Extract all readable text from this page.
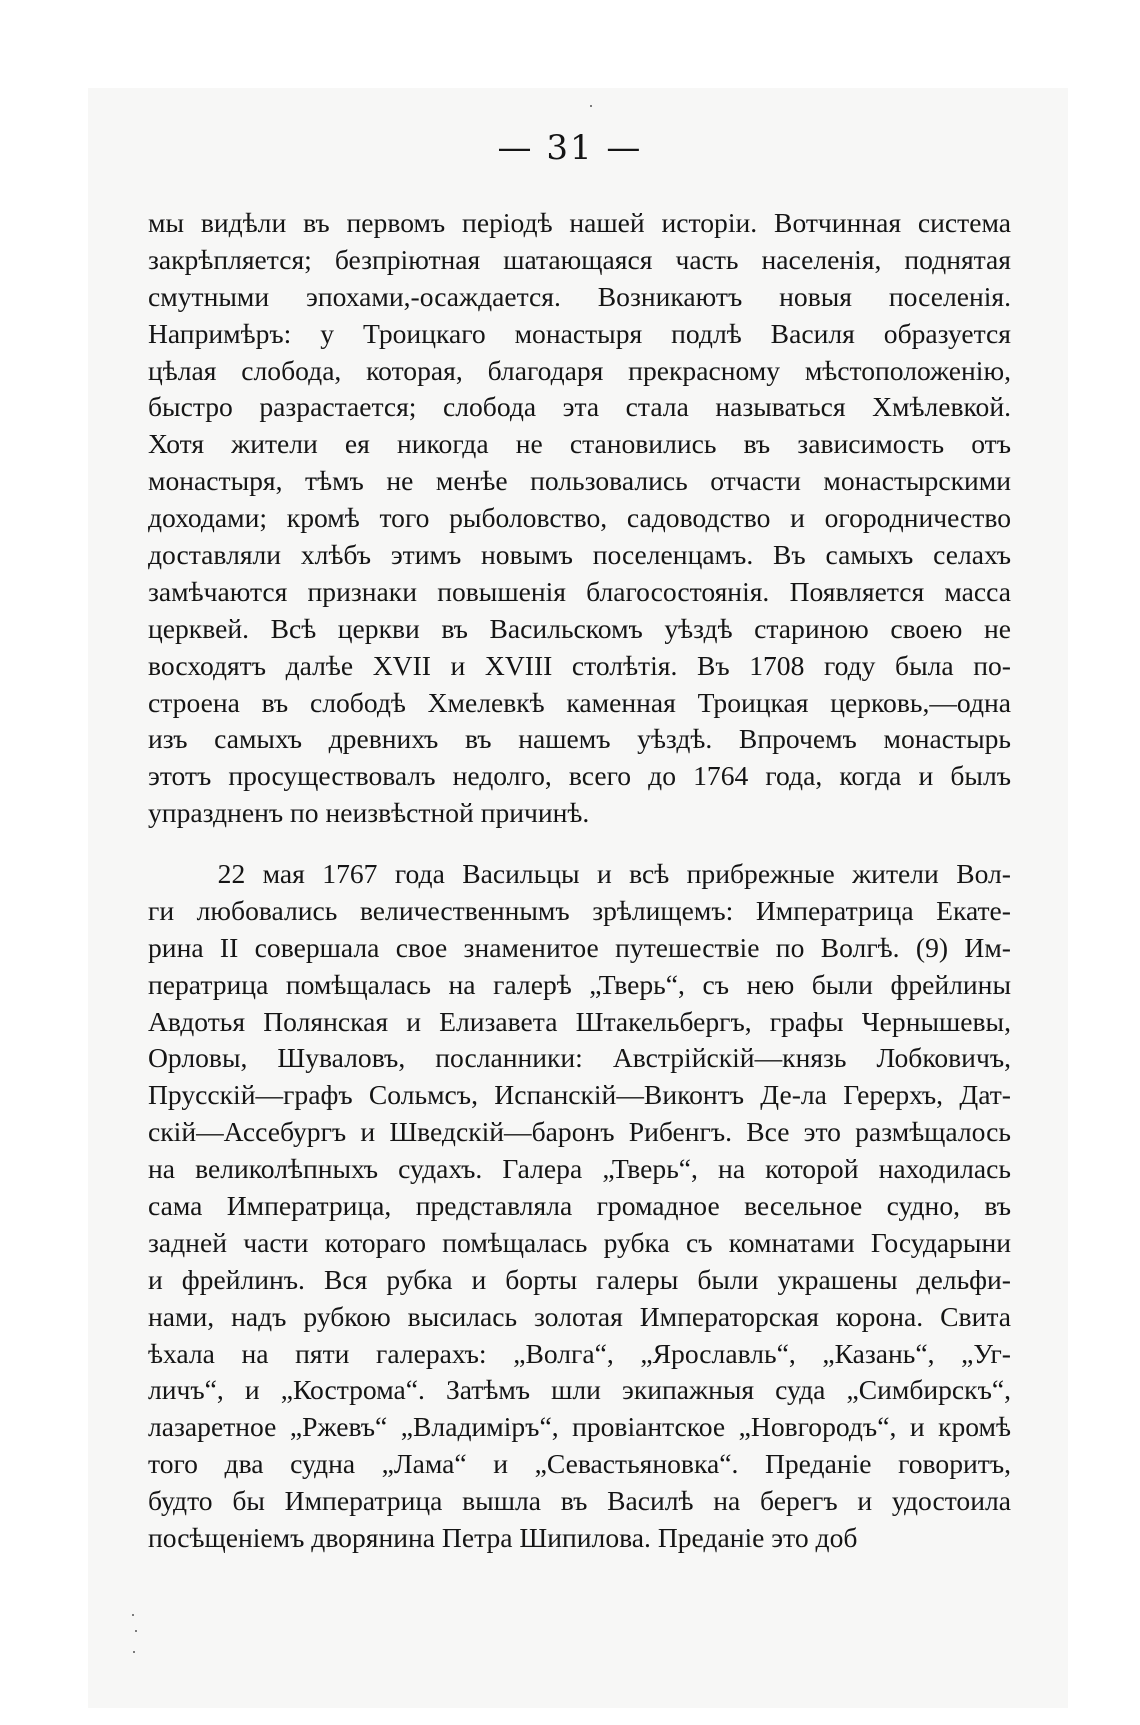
— 31 —

мы видѣли въ первомъ періодѣ нашей исторіи. Вотчинная система
закрѣпляется; безпріютная шатающаяся часть населенія, поднятая
смутными эпохами,-осаждается. Возникаютъ новыя поселенія.
Напримѣръ: у Троицкаго монастыря подлѣ Василя образуется
цѣлая слобода, которая, благодаря прекрасному мѣстоположенію,
быстро разрастается; слобода эта стала называться Хмѣлевкой.
Хотя жители ея никогда не становились въ зависимость отъ
монастыря, тѣмъ не менѣе пользовались отчасти монастырскими
доходами; кромѣ того рыболовство, садоводство и огородничество
доставляли хлѣбъ этимъ новымъ поселенцамъ. Въ самыхъ селахъ
замѣчаются признаки повышенія благосостоянія. Появляется масса
церквей. Всѣ церкви въ Васильскомъ уѣздѣ стариною своею не
восходятъ далѣе XVII и XVIII столѣтія. Въ 1708 году была по-
строена въ слободѣ Хмелевкѣ каменная Троицкая церковь,—одна
изъ самыхъ древнихъ въ нашемъ уѣздѣ. Впрочемъ монастырь
этотъ просуществовалъ недолго, всего до 1764 года, когда и былъ
упраздненъ по неизвѣстной причинѣ.

22 мая 1767 года Васильцы и всѣ прибрежные жители Вол-
ги любовались величественнымъ зрѣлищемъ: Императрица Екате-
рина II совершала свое знаменитое путешествіе по Волгѣ. (9) Им-
ператрица помѣщалась на галерѣ „Тверь“, съ нею были фрейлины
Авдотья Полянская и Елизавета Штакельбергъ, графы Чернышевы,
Орловы, Шуваловъ, посланники: Австрійскій—князь Лобковичъ,
Прусскій—графъ Сольмсъ, Испанскій—Виконтъ Де-ла Герерхъ, Дат-
скій—Ассебургъ и Шведскій—баронъ Рибенгъ. Все это размѣщалось
на великолѣпныхъ судахъ. Галера „Тверь“, на которой находилась
сама Императрица, представляла громадное весельное судно, въ
задней части котораго помѣщалась рубка съ комнатами Государыни
и фрейлинъ. Вся рубка и борты галеры были украшены дельфи-
нами, надъ рубкою высилась золотая Императорская корона. Свита
ѣхала на пяти галерахъ: „Волга“, „Ярославль“, „Казань“, „Уг-
личъ“, и „Кострома“. Затѣмъ шли экипажныя суда „Симбирскъ“,
лазаретное „Ржевъ“ „Владиміръ“, провіантское „Новгородъ“, и кромѣ
того два судна „Лама“ и „Севастьяновка“. Преданіе говоритъ,
будто бы Императрица вышла въ Василѣ на берегъ и удостоила
посѣщеніемъ дворянина Петра Шипилова. Преданіе это доб
